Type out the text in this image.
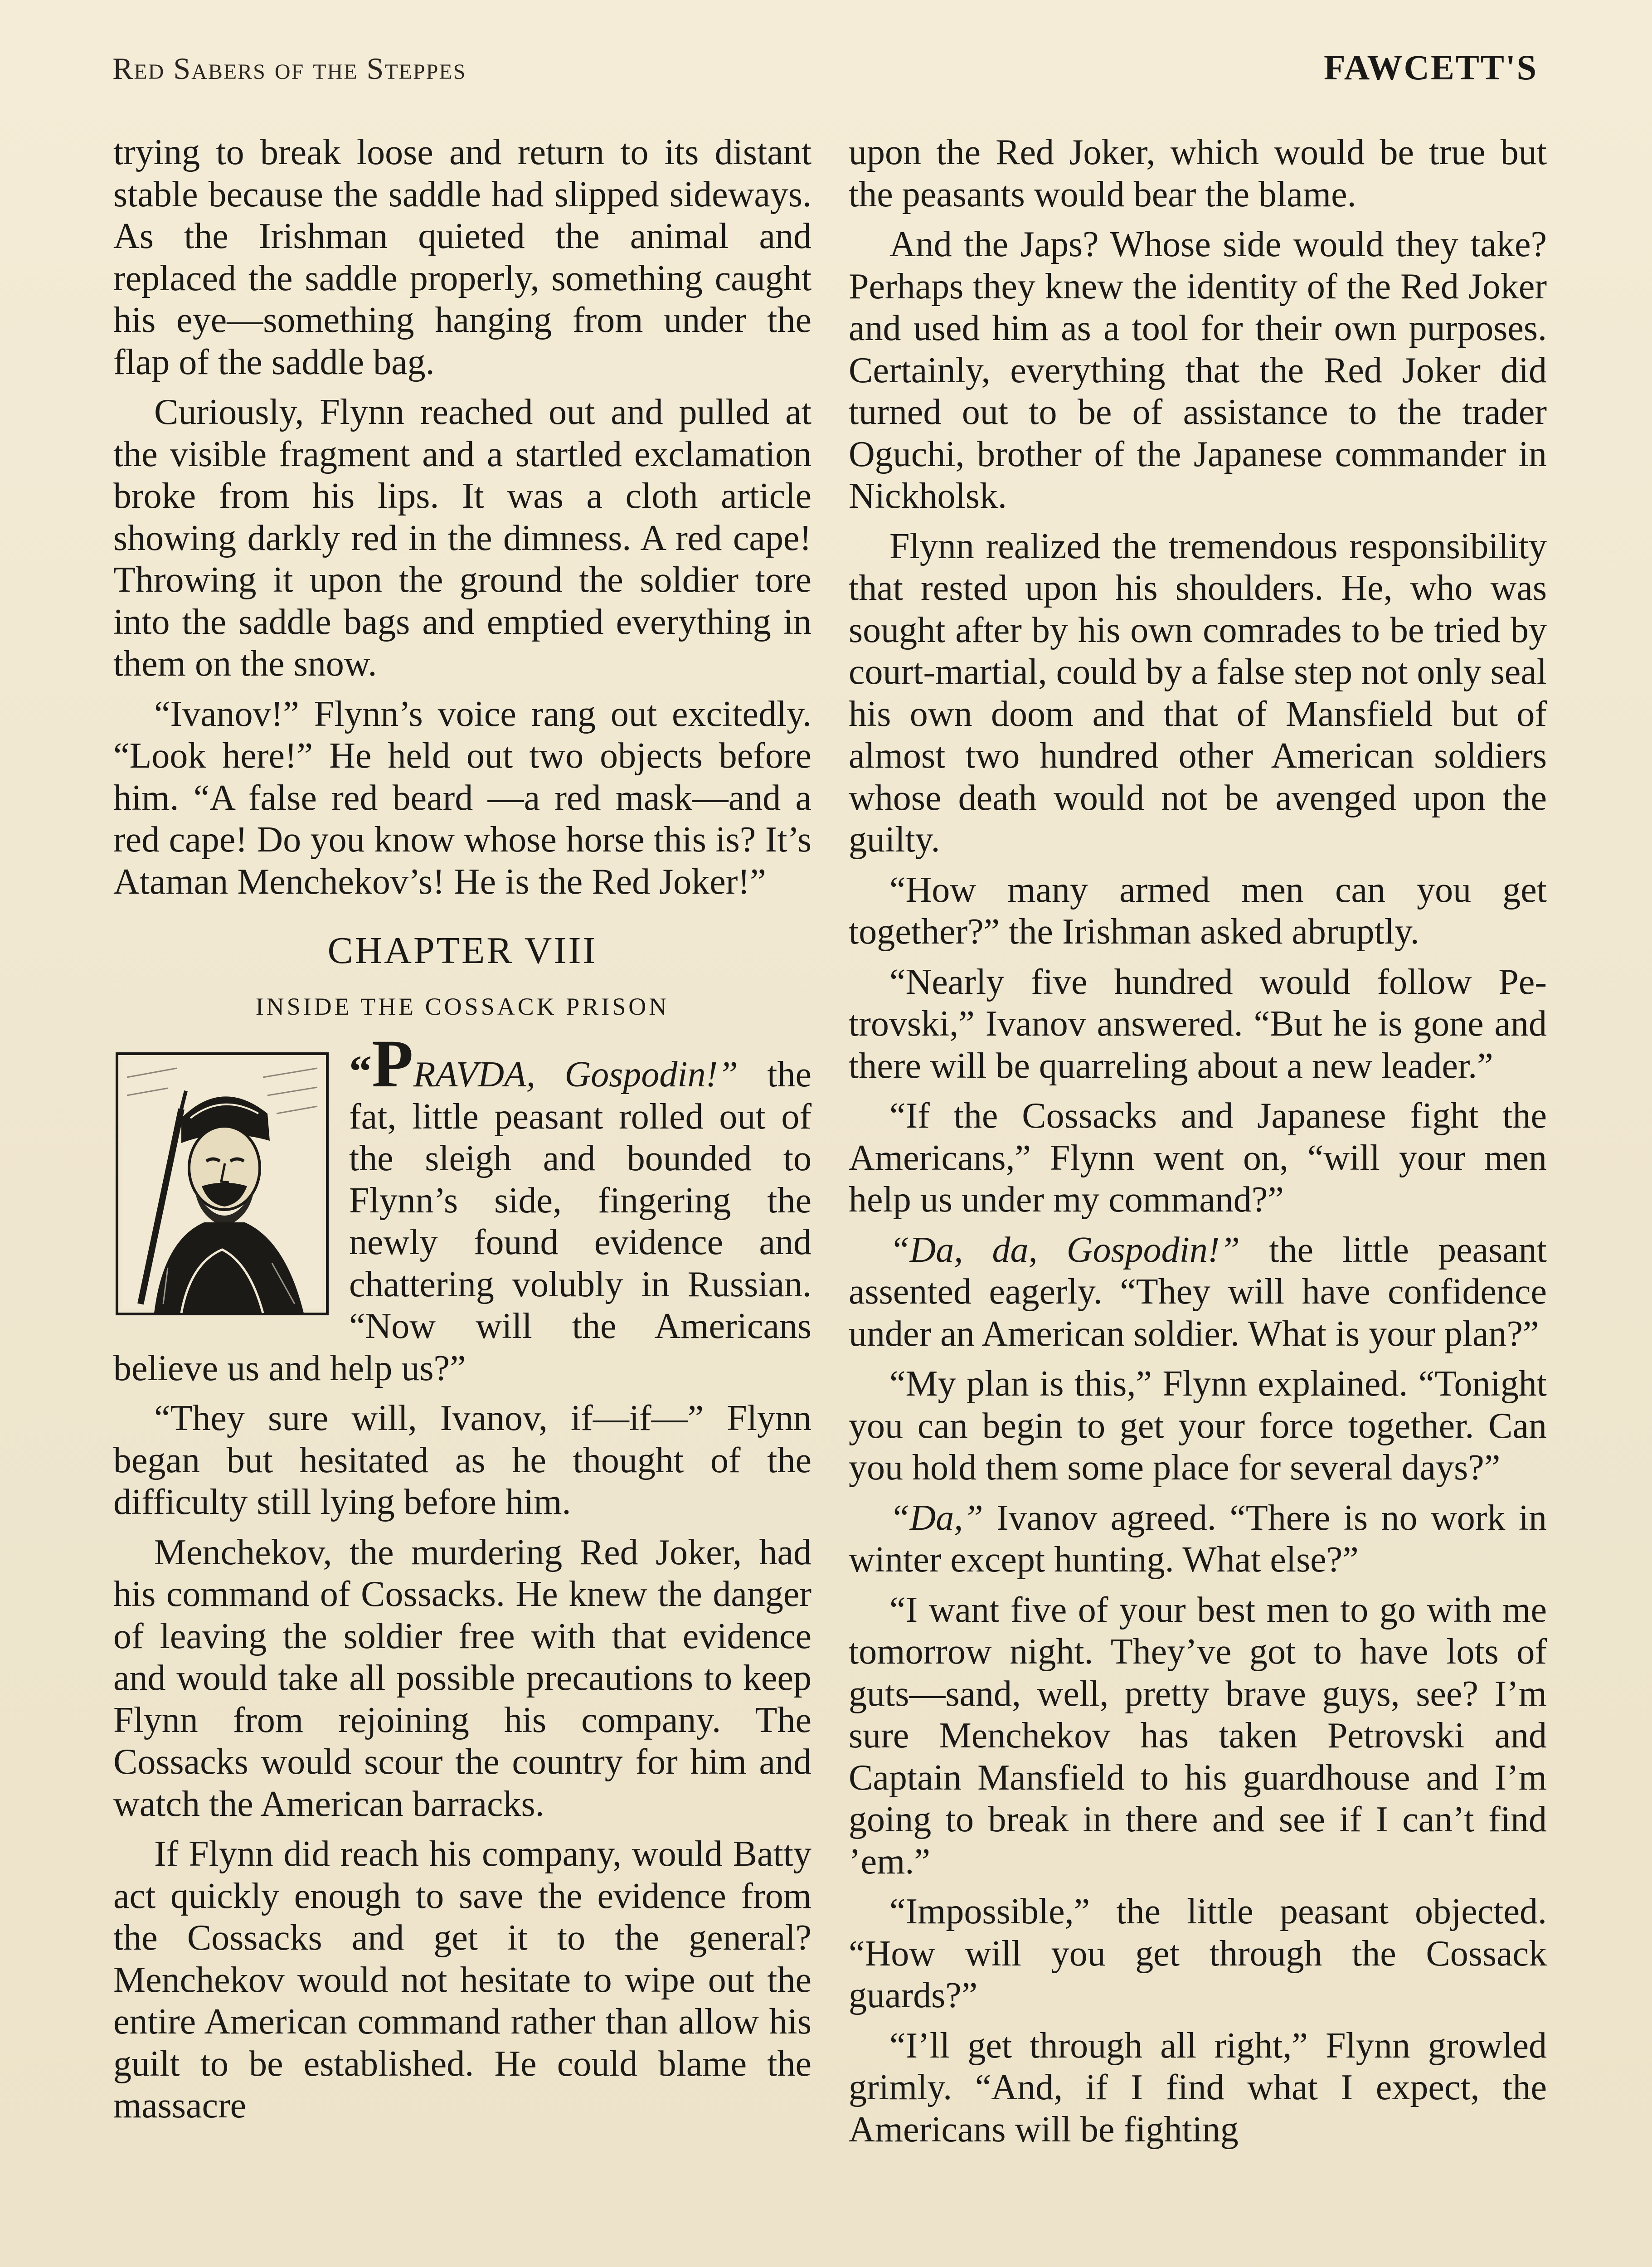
Red Sabers of the Steppes	FAWCETT'S

trying to break loose and return to its distant stable because the saddle had slipped sideways. As the Irishman quieted the animal and replaced the saddle properly, something caught his eye—something hanging from under the flap of the saddle bag.

Curiously, Flynn reached out and pulled at the visible fragment and a startled exclamation broke from his lips. It was a cloth article showing darkly red in the dimness. A red cape! Throwing it upon the ground the soldier tore into the saddle bags and emptied everything in them on the snow.

“Ivanov!” Flynn’s voice rang out excitedly. “Look here!” He held out two objects before him. “A false red beard —a red mask—and a red cape! Do you know whose horse this is? It’s Ataman Menchekov’s! He is the Red Joker!”

CHAPTER VIII
INSIDE THE COSSACK PRISON

“PRAVDA, Gospodin!” the fat, little peasant rolled out of the sleigh and bounded to Flynn’s side, fingering the newly found evidence and chattering volubly in Russian. “Now will the Americans believe us and help us?”

“They sure will, Ivanov, if—if—” Flynn began but hesitated as he thought of the difficulty still lying before him.

Menchekov, the murdering Red Joker, had his command of Cossacks. He knew the danger of leaving the soldier free with that evidence and would take all possible precautions to keep Flynn from rejoining his company. The Cossacks would scour the country for him and watch the American barracks.

If Flynn did reach his company, would Batty act quickly enough to save the evidence from the Cossacks and get it to the general? Menchekov would not hesitate to wipe out the entire American command rather than allow his guilt to be established. He could blame the massacre

upon the Red Joker, which would be true but the peasants would bear the blame.

And the Japs? Whose side would they take? Perhaps they knew the identity of the Red Joker and used him as a tool for their own purposes. Certainly, everything that the Red Joker did turned out to be of assistance to the trader Oguchi, brother of the Japanese commander in Nickholsk.

Flynn realized the tremendous responsibility that rested upon his shoulders. He, who was sought after by his own comrades to be tried by court-martial, could by a false step not only seal his own doom and that of Mansfield but of almost two hundred other American soldiers whose death would not be avenged upon the guilty.

“How many armed men can you get together?” the Irishman asked abruptly.

“Nearly five hundred would follow Petrovski,” Ivanov answered. “But he is gone and there will be quarreling about a new leader.”

“If the Cossacks and Japanese fight the Americans,” Flynn went on, “will your men help us under my command?”

“Da, da, Gospodin!” the little peasant assented eagerly. “They will have confidence under an American soldier. What is your plan?”

“My plan is this,” Flynn explained. “Tonight you can begin to get your force together. Can you hold them some place for several days?”

“Da,” Ivanov agreed. “There is no work in winter except hunting. What else?”

“I want five of your best men to go with me tomorrow night. They’ve got to have lots of guts—sand, well, pretty brave guys, see? I’m sure Menchekov has taken Petrovski and Captain Mansfield to his guardhouse and I’m going to break in there and see if I can’t find ’em.”

“Impossible,” the little peasant objected. “How will you get through the Cossack guards?”

“I’ll get through all right,” Flynn growled grimly. “And, if I find what I expect, the Americans will be fighting
